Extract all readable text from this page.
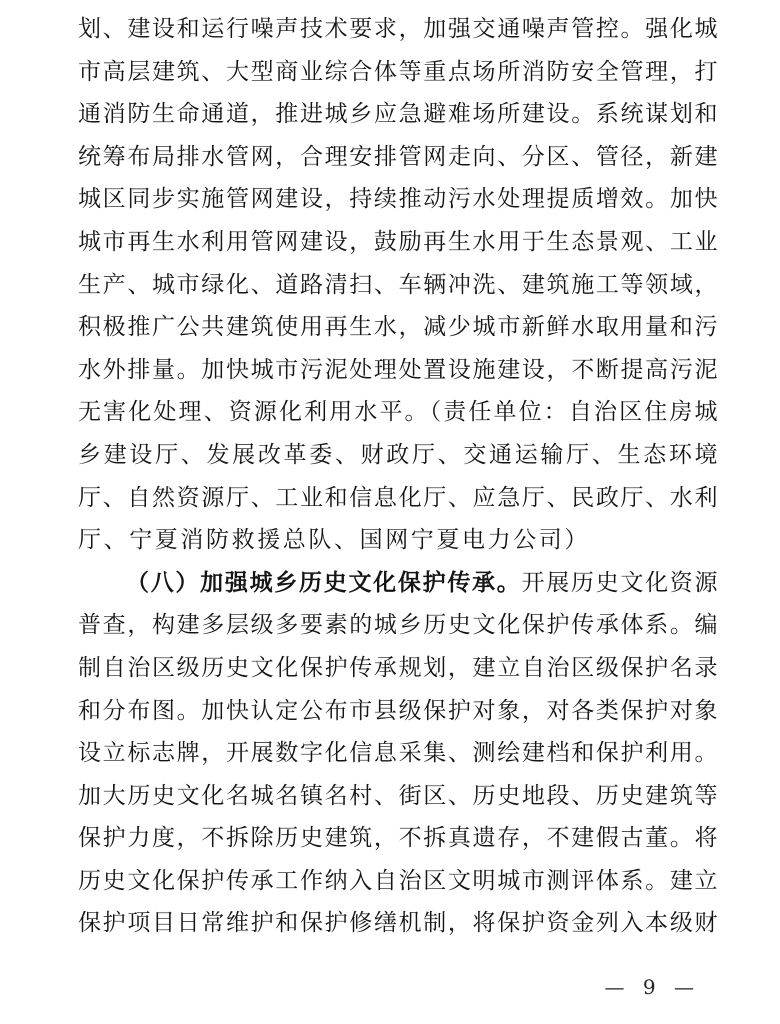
划、建设和运行噪声技术要求，加强交通噪声管控。强化城
市高层建筑、大型商业综合体等重点场所消防安全管理，打
通消防生命通道，推进城乡应急避难场所建设。系统谋划和
统筹布局排水管网，合理安排管网走向、分区、管径，新建
城区同步实施管网建设，持续推动污水处理提质增效。加快
城市再生水利用管网建设，鼓励再生水用于生态景观、工业
生产、城市绿化、道路清扫、车辆冲洗、建筑施工等领域，
积极推广公共建筑使用再生水，减少城市新鲜水取用量和污
水外排量。加快城市污泥处理处置设施建设，不断提高污泥
无害化处理、资源化利用水平。（责任单位：自治区住房城
乡建设厅、发展改革委、财政厅、交通运输厅、生态环境
厅、自然资源厅、工业和信息化厅、应急厅、民政厅、水利
厅、宁夏消防救援总队、国网宁夏电力公司）
（八）加强城乡历史文化保护传承。开展历史文化资源
普查，构建多层级多要素的城乡历史文化保护传承体系。编
制自治区级历史文化保护传承规划，建立自治区级保护名录
和分布图。加快认定公布市县级保护对象，对各类保护对象
设立标志牌，开展数字化信息采集、测绘建档和保护利用。
加大历史文化名城名镇名村、街区、历史地段、历史建筑等
保护力度，不拆除历史建筑，不拆真遗存，不建假古董。将
历史文化保护传承工作纳入自治区文明城市测评体系。建立
保护项目日常维护和保护修缮机制，将保护资金列入本级财
— 9 —
